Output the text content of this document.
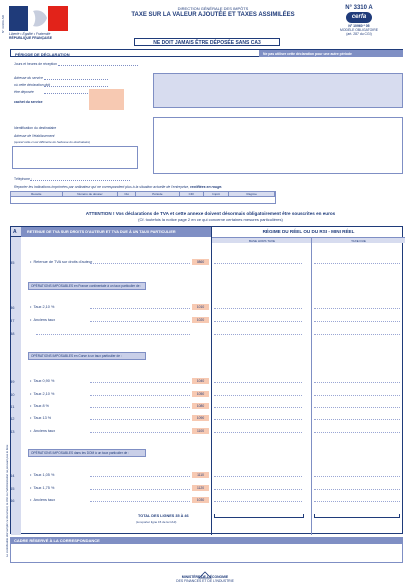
Liberté • Égalité • Fraternité
RÉPUBLIQUE FRANÇAISE
N° 3310A-SD
DIRECTION GÉNÉRALE DES IMPÔTS
TAXE SUR LA VALEUR AJOUTÉE ET TAXES ASSIMILÉES
NE DOIT JAMAIS ÊTRE DÉPOSÉE SANS CA3
N° 3310 A
cerfa
N° 10960 * 05
MODÈLE OBLIGATOIRE
(art. 287 du CGI)
PÉRIODE DE DÉCLARATION	Ne pas utiliser cette déclaration pour une autre période
Jours et heures de réception
Adresse du service
où cette déclaration doit
être déposée
cachet du service
Identification du destinataire
Adresse de l'établissement
(quand celle-ci est différente de l'adresse du destinataire)
Téléphone :
Reporter les indications imprimées par ordinateur qui ne correspondent plus à la situation actuelle de l'entreprise, rectifiées en rouge.
Recette	Numéro de dossier	Clé	Période	CDI	Impôt	Régime
ATTENTION ! Vos déclarations de TVA et cette annexe doivent désormais obligatoirement être souscrites en euros
(Cf. toutefois la notice page 2 en ce qui concerne certaines mesures particulières)
A	RETENUE DE TVA SUR DROITS D'AUTEUR ET TVA DUE À UN TAUX PARTICULIER	RÉGIME DU RÉEL OU DU RSI - MINI RÉEL
BASE HORS TAXE	TAXE DUE
35	•  Retenue de TVA sur droits d'auteur	0860
OPÉRATIONS IMPOSABLES en France continentale à un taux particulier de :
36	•  Taux 2,10 %	1010
37	•  Anciens taux	1020
38
OPÉRATIONS IMPOSABLES en Corse à un taux particulier de :
39	•  Taux 0,90 %	1040
40	•  Taux 2,10 %	1050
41	•  Taux 8 %	1080
42	•  Taux 13 %	1090
43	•  Anciens taux	1100
OPÉRATIONS IMPOSABLES dans les DOM à un taux particulier de :
44	•  Taux 1,05 %	1110
45	•  Taux 1,75 %	1120
46	•  Anciens taux	1030
TOTAL DES LIGNES 35 À 46
(à reporter ligne 15 de la CA3)
CADRE RÉSERVÉ À LA CORRESPONDANCE
Le contribuable doit remplir ce document, la DGI ou l'administration ne pouvant pas le faire
MINISTÈRE DE L'ÉCONOMIE
DES FINANCES ET DE L'INDUSTRIE
